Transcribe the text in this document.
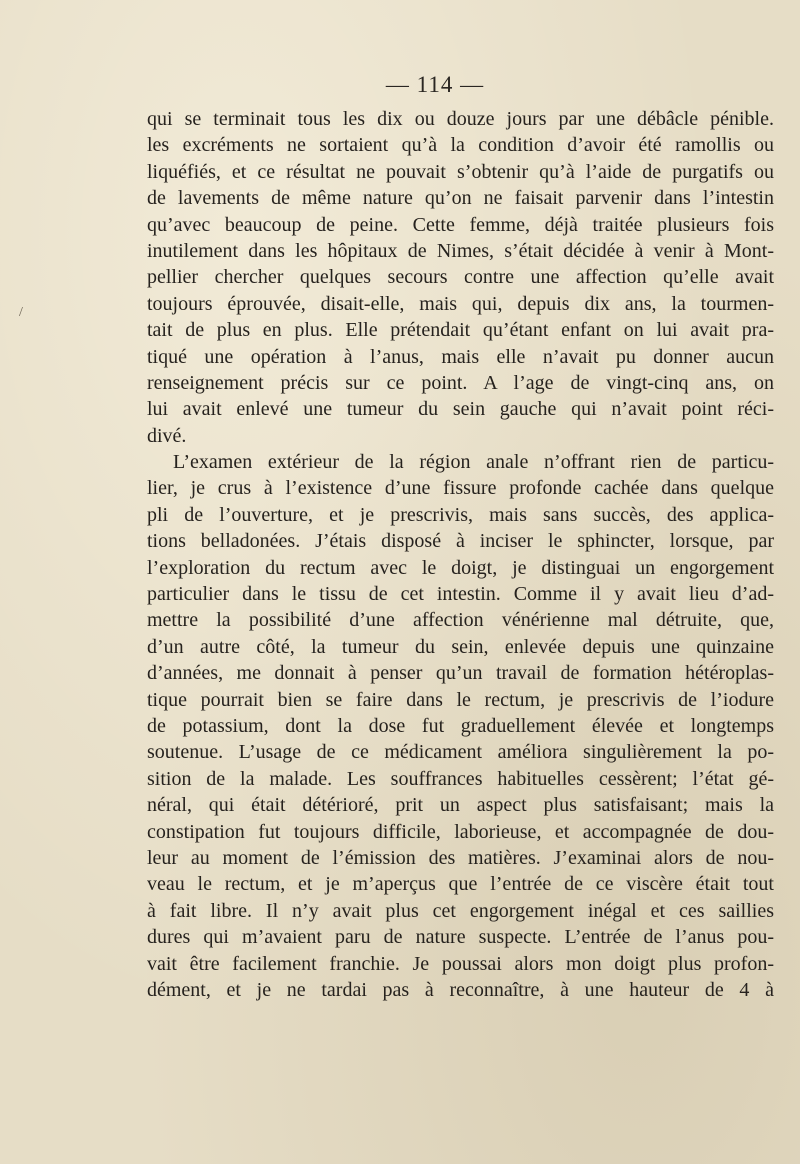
/
— 114 —
qui se terminait tous les dix ou douze jours par une débâcle pénible.
les excréments ne sortaient qu’à la condition d’avoir été ramollis ou
liquéfiés, et ce résultat ne pouvait s’obtenir qu’à l’aide de purgatifs ou
de lavements de même nature qu’on ne faisait parvenir dans l’intestin
qu’avec beaucoup de peine. Cette femme, déjà traitée plusieurs fois
inutilement dans les hôpitaux de Nimes, s’était décidée à venir à Mont-
pellier chercher quelques secours contre une affection qu’elle avait
toujours éprouvée, disait-elle, mais qui, depuis dix ans, la tourmen-
tait de plus en plus. Elle prétendait qu’étant enfant on lui avait pra-
tiqué une opération à l’anus, mais elle n’avait pu donner aucun
renseignement précis sur ce point. A l’age de vingt-cinq ans, on
lui avait enlevé une tumeur du sein gauche qui n’avait point réci-
divé.
L’examen extérieur de la région anale n’offrant rien de particu-
lier, je crus à l’existence d’une fissure profonde cachée dans quelque
pli de l’ouverture, et je prescrivis, mais sans succès, des applica-
tions belladonées. J’étais disposé à inciser le sphincter, lorsque, par
l’exploration du rectum avec le doigt, je distinguai un engorgement
particulier dans le tissu de cet intestin. Comme il y avait lieu d’ad-
mettre la possibilité d’une affection vénérienne mal détruite, que,
d’un autre côté, la tumeur du sein, enlevée depuis une quinzaine
d’années, me donnait à penser qu’un travail de formation hétéroplas-
tique pourrait bien se faire dans le rectum, je prescrivis de l’iodure
de potassium, dont la dose fut graduellement élevée et longtemps
soutenue. L’usage de ce médicament améliora singulièrement la po-
sition de la malade. Les souffrances habituelles cessèrent; l’état gé-
néral, qui était détérioré, prit un aspect plus satisfaisant; mais la
constipation fut toujours difficile, laborieuse, et accompagnée de dou-
leur au moment de l’émission des matières. J’examinai alors de nou-
veau le rectum, et je m’aperçus que l’entrée de ce viscère était tout
à fait libre. Il n’y avait plus cet engorgement inégal et ces saillies
dures qui m’avaient paru de nature suspecte. L’entrée de l’anus pou-
vait être facilement franchie. Je poussai alors mon doigt plus profon-
dément, et je ne tardai pas à reconnaître, à une hauteur de 4 à
